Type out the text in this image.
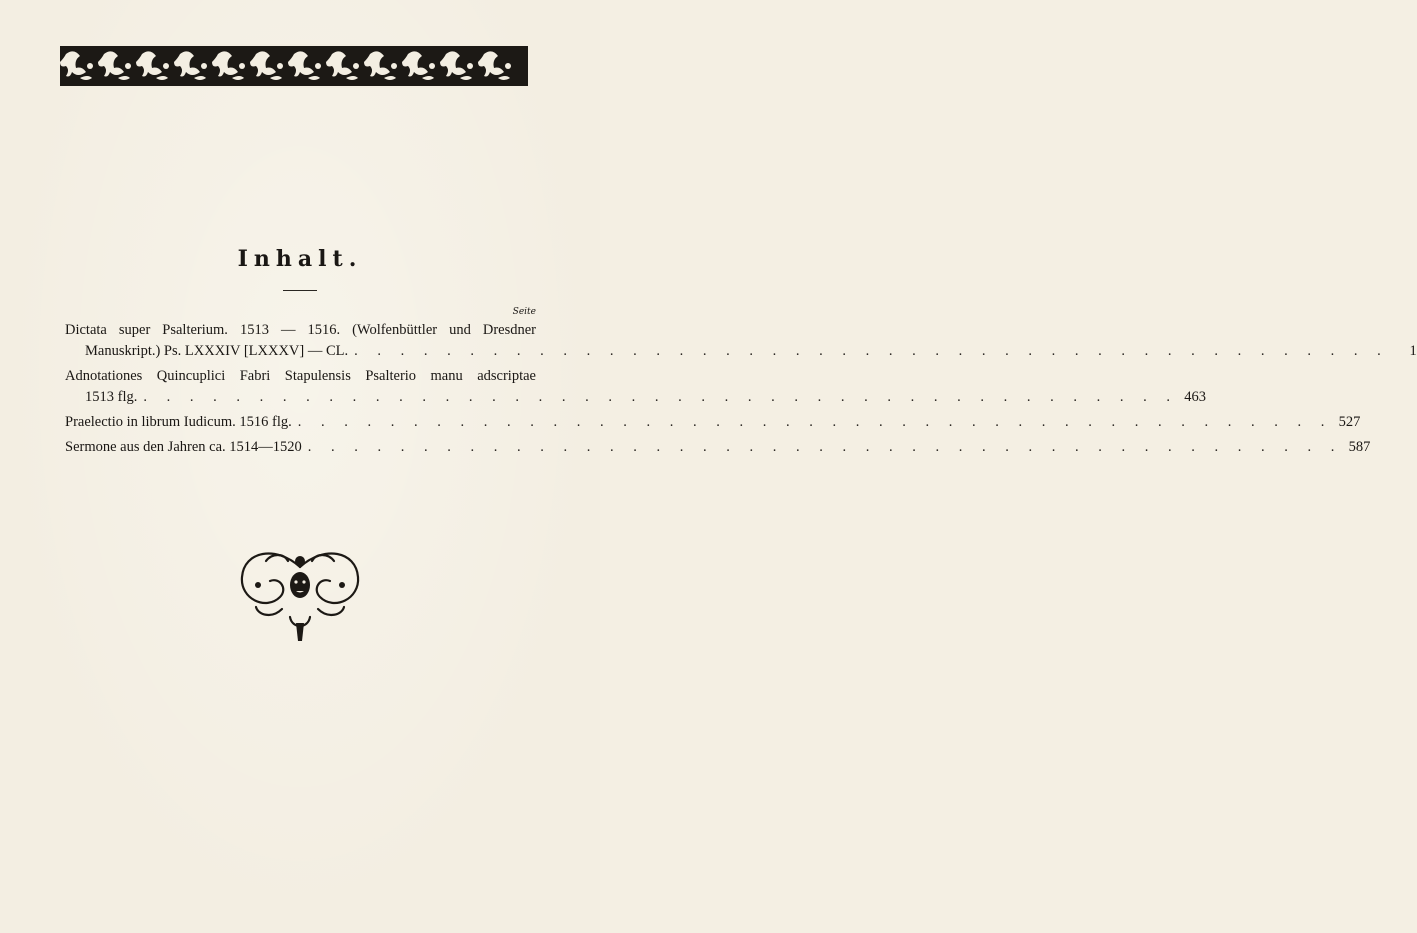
Inhalt.
Seite
Dictata super Psalterium. 1513 — 1516. (Wolfenbüttler und Dresdner
Manuskript.) Ps. LXXXIV [LXXXV] — CL. . . . . . . . . . . . . . . . . . . . . . . . . . . . . . . . . . . . . . . . . . . . . .	1
Adnotationes Quincuplici Fabri Stapulensis Psalterio manu adscriptae
1513 flg. . . . . . . . . . . . . . . . . . . . . . . . . . . . . . . . . . . . . . . . . . . . . . 463
Praelectio in librum Iudicum. 1516 flg. . . . . . . . . . . . . . . . . . . . . . . . . . . . . . . . . . . . . . . . . . . . . . 527
Sermone aus den Jahren ca. 1514—1520 . . . . . . . . . . . . . . . . . . . . . . . . . . . . . . . . . . . . . . . . . . . . . 587
